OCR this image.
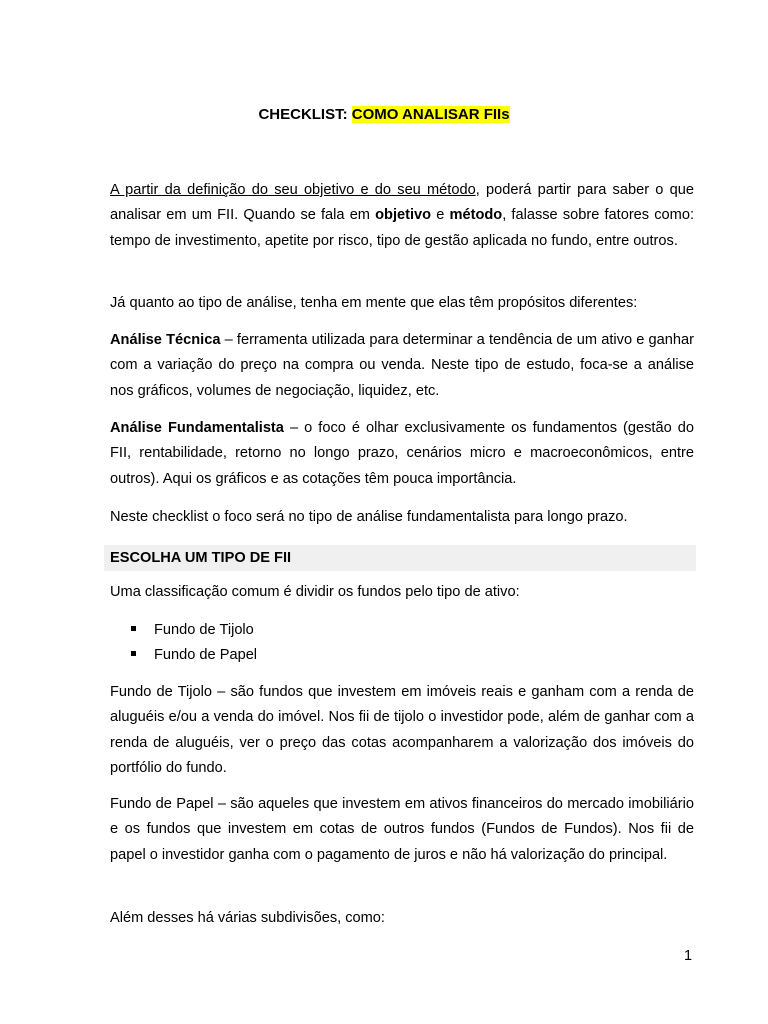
CHECKLIST: COMO ANALISAR FIIs

A partir da definição do seu objetivo e do seu método, poderá partir para saber o que analisar em um FII. Quando se fala em objetivo e método, falasse sobre fatores como: tempo de investimento, apetite por risco, tipo de gestão aplicada no fundo, entre outros.

Já quanto ao tipo de análise, tenha em mente que elas têm propósitos diferentes:

Análise Técnica – ferramenta utilizada para determinar a tendência de um ativo e ganhar com a variação do preço na compra ou venda. Neste tipo de estudo, foca-se a análise nos gráficos, volumes de negociação, liquidez, etc.

Análise Fundamentalista – o foco é olhar exclusivamente os fundamentos (gestão do FII, rentabilidade, retorno no longo prazo, cenários micro e macroeconômicos, entre outros). Aqui os gráficos e as cotações têm pouca importância.

Neste checklist o foco será no tipo de análise fundamentalista para longo prazo.

ESCOLHA UM TIPO DE FII

Uma classificação comum é dividir os fundos pelo tipo de ativo:

Fundo de Tijolo
Fundo de Papel

Fundo de Tijolo – são fundos que investem em imóveis reais e ganham com a renda de aluguéis e/ou a venda do imóvel. Nos fii de tijolo o investidor pode, além de ganhar com a renda de aluguéis, ver o preço das cotas acompanharem a valorização dos imóveis do portfólio do fundo.

Fundo de Papel – são aqueles que investem em ativos financeiros do mercado imobiliário e os fundos que investem em cotas de outros fundos (Fundos de Fundos). Nos fii de papel o investidor ganha com o pagamento de juros e não há valorização do principal.

Além desses há várias subdivisões, como:

1
